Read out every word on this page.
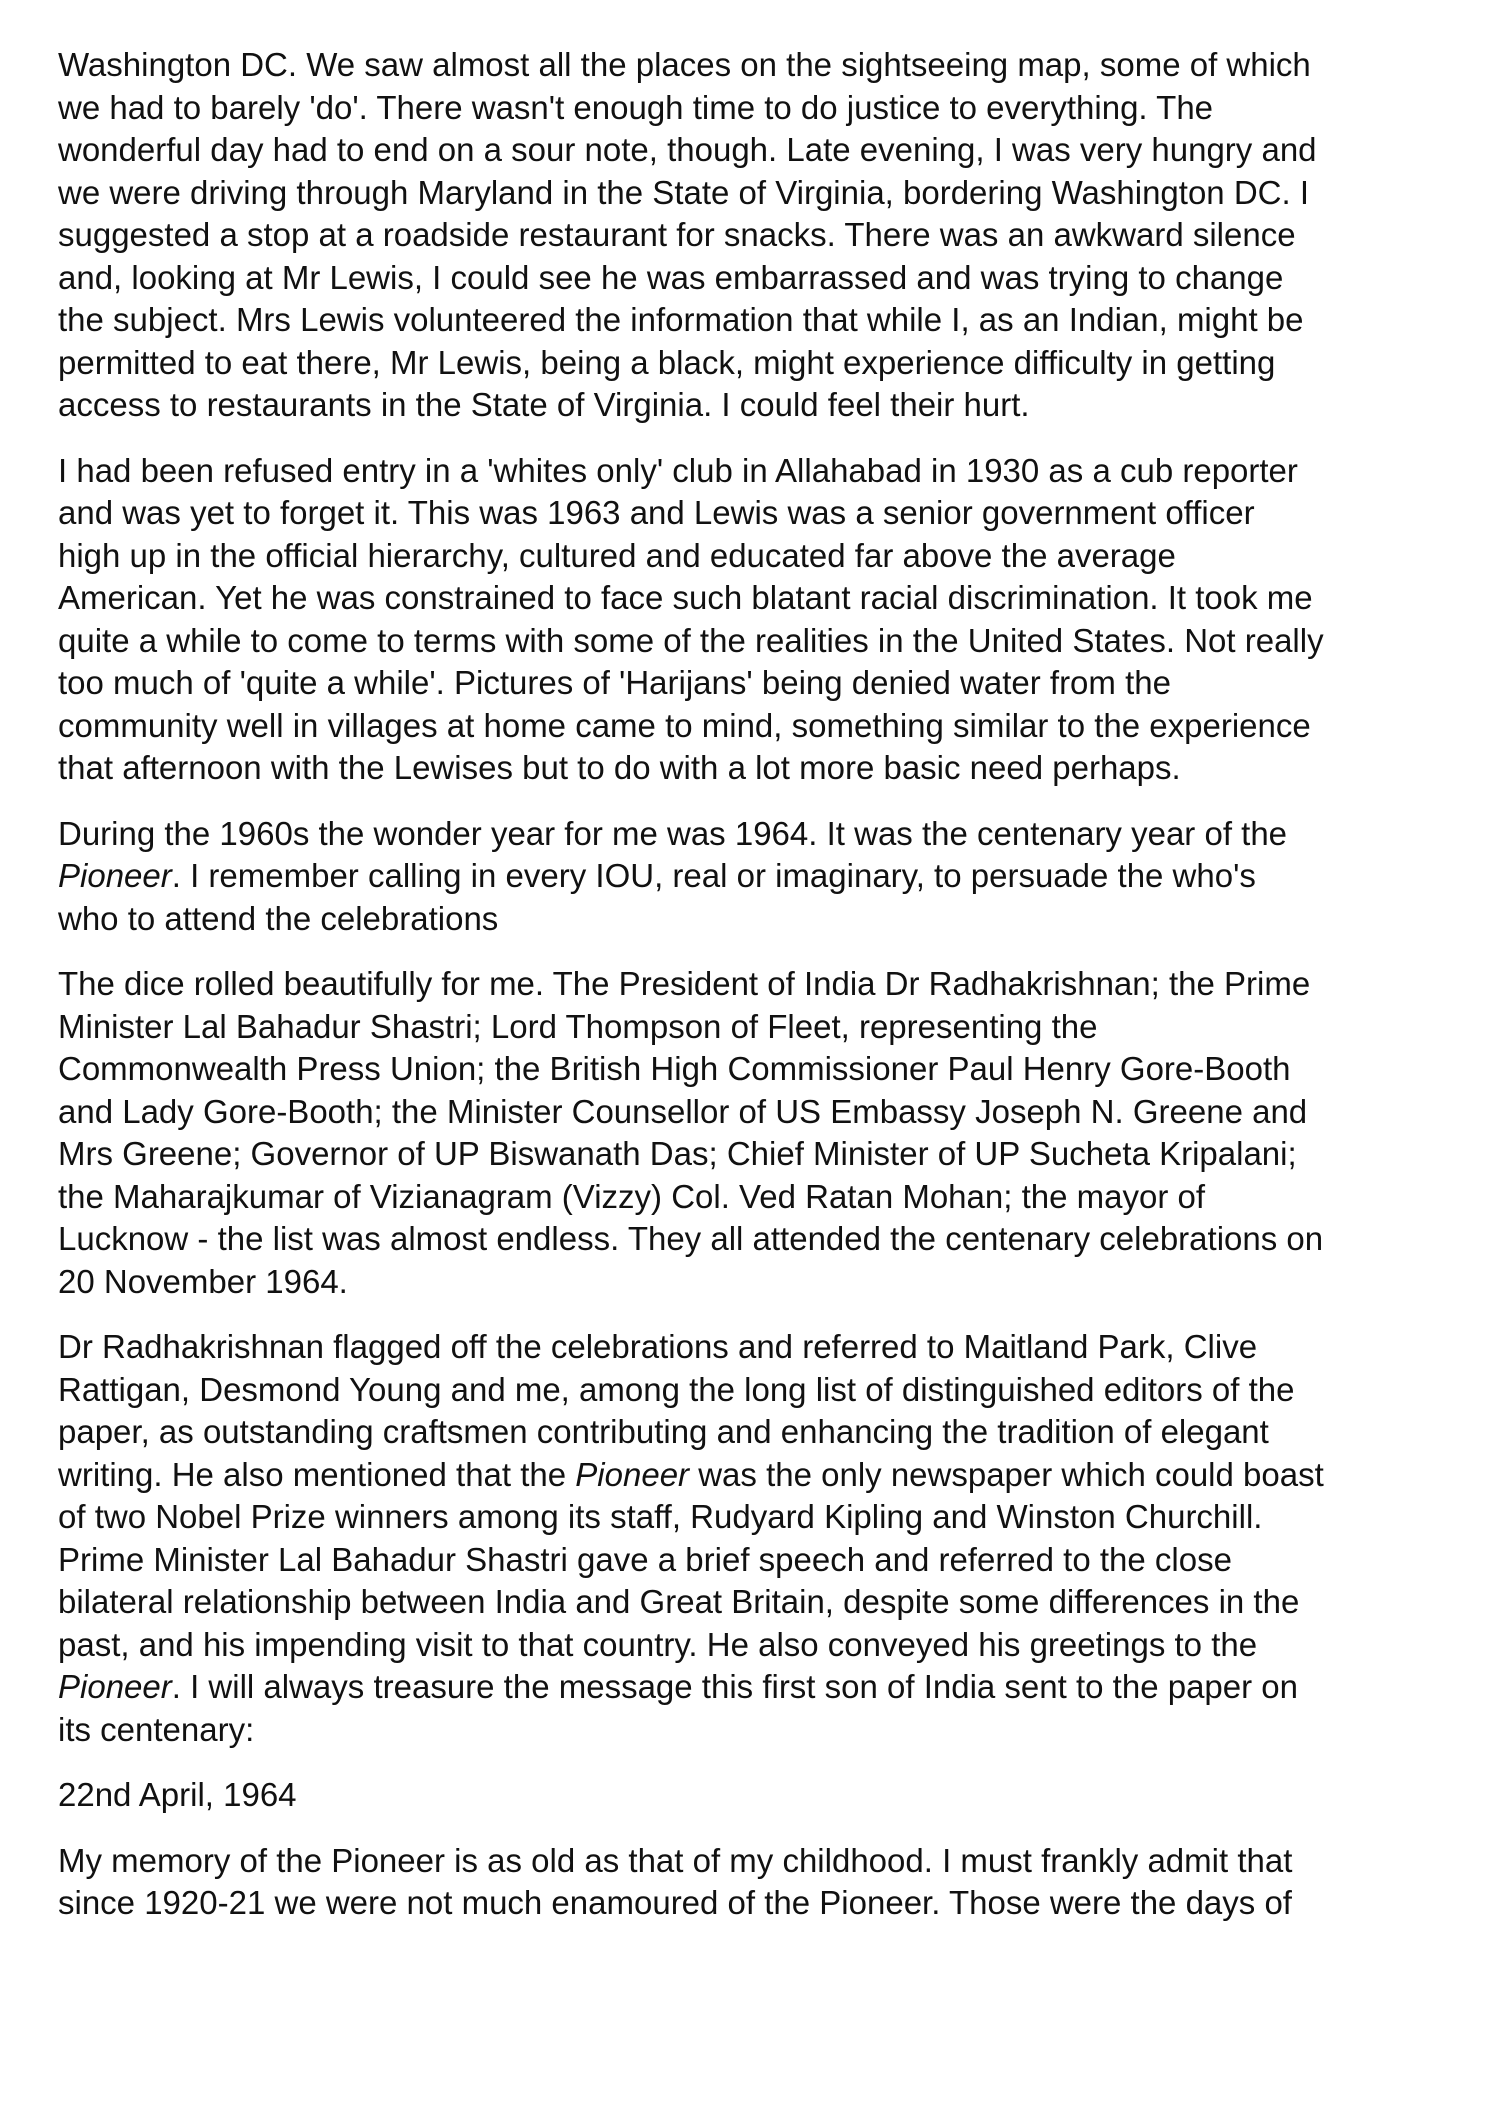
Washington DC. We saw almost all the places on the sightseeing map, some of which
we had to barely 'do'. There wasn't enough time to do justice to everything. The
wonderful day had to end on a sour note, though. Late evening, I was very hungry and
we were driving through Maryland in the State of Virginia, bordering Washington DC. I
suggested a stop at a roadside restaurant for snacks. There was an awkward silence
and, looking at Mr Lewis, I could see he was embarrassed and was trying to change
the subject. Mrs Lewis volunteered the information that while I, as an Indian, might be
permitted to eat there, Mr Lewis, being a black, might experience difficulty in getting
access to restaurants in the State of Virginia. I could feel their hurt.

I had been refused entry in a 'whites only' club in Allahabad in 1930 as a cub reporter
and was yet to forget it. This was 1963 and Lewis was a senior government officer
high up in the official hierarchy, cultured and educated far above the average
American. Yet he was constrained to face such blatant racial discrimination. It took me
quite a while to come to terms with some of the realities in the United States. Not really
too much of 'quite a while'. Pictures of 'Harijans' being denied water from the
community well in villages at home came to mind, something similar to the experience
that afternoon with the Lewises but to do with a lot more basic need perhaps.

During the 1960s the wonder year for me was 1964. It was the centenary year of the
Pioneer. I remember calling in every IOU, real or imaginary, to persuade the who's
who to attend the celebrations

The dice rolled beautifully for me. The President of India Dr Radhakrishnan; the Prime
Minister Lal Bahadur Shastri; Lord Thompson of Fleet, representing the
Commonwealth Press Union; the British High Commissioner Paul Henry Gore-Booth
and Lady Gore-Booth; the Minister Counsellor of US Embassy Joseph N. Greene and
Mrs Greene; Governor of UP Biswanath Das; Chief Minister of UP Sucheta Kripalani;
the Maharajkumar of Vizianagram (Vizzy) Col. Ved Ratan Mohan; the mayor of
Lucknow - the list was almost endless. They all attended the centenary celebrations on
20 November 1964.

Dr Radhakrishnan flagged off the celebrations and referred to Maitland Park, Clive
Rattigan, Desmond Young and me, among the long list of distinguished editors of the
paper, as outstanding craftsmen contributing and enhancing the tradition of elegant
writing. He also mentioned that the Pioneer was the only newspaper which could boast
of two Nobel Prize winners among its staff, Rudyard Kipling and Winston Churchill.
Prime Minister Lal Bahadur Shastri gave a brief speech and referred to the close
bilateral relationship between India and Great Britain, despite some differences in the
past, and his impending visit to that country. He also conveyed his greetings to the
Pioneer. I will always treasure the message this first son of India sent to the paper on
its centenary:

22nd April, 1964

My memory of the Pioneer is as old as that of my childhood. I must frankly admit that
since 1920-21 we were not much enamoured of the Pioneer. Those were the days of
